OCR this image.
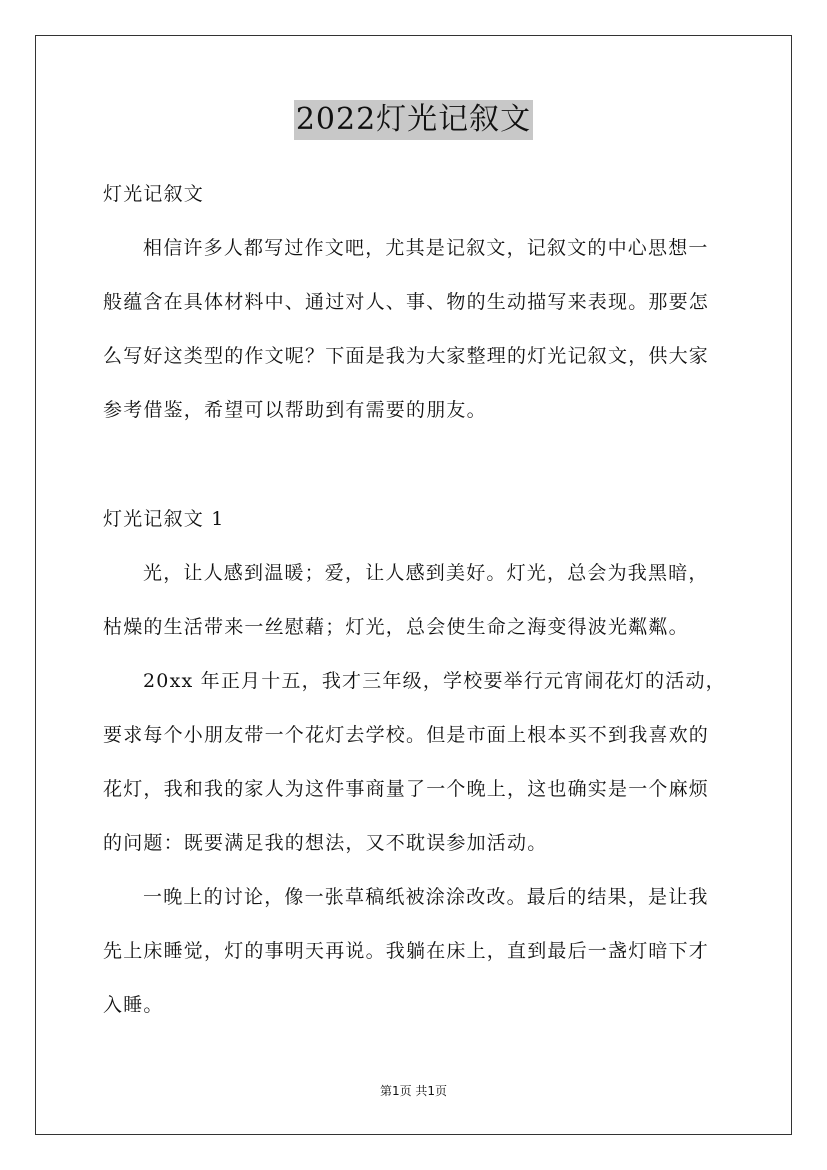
2022灯光记叙文
灯光记叙文
相信许多人都写过作文吧，尤其是记叙文，记叙文的中心思想一
般蕴含在具体材料中、通过对人、事、物的生动描写来表现。那要怎
么写好这类型的作文呢？下面是我为大家整理的灯光记叙文，供大家
参考借鉴，希望可以帮助到有需要的朋友。
灯光记叙文 1
光，让人感到温暖；爱，让人感到美好。灯光，总会为我黑暗，
枯燥的生活带来一丝慰藉；灯光，总会使生命之海变得波光粼粼。
20xx 年正月十五，我才三年级，学校要举行元宵闹花灯的活动，
要求每个小朋友带一个花灯去学校。但是市面上根本买不到我喜欢的
花灯，我和我的家人为这件事商量了一个晚上，这也确实是一个麻烦
的问题：既要满足我的想法，又不耽误参加活动。
一晚上的讨论，像一张草稿纸被涂涂改改。最后的结果，是让我
先上床睡觉，灯的事明天再说。我躺在床上，直到最后一盏灯暗下才
入睡。
第1页 共1页
